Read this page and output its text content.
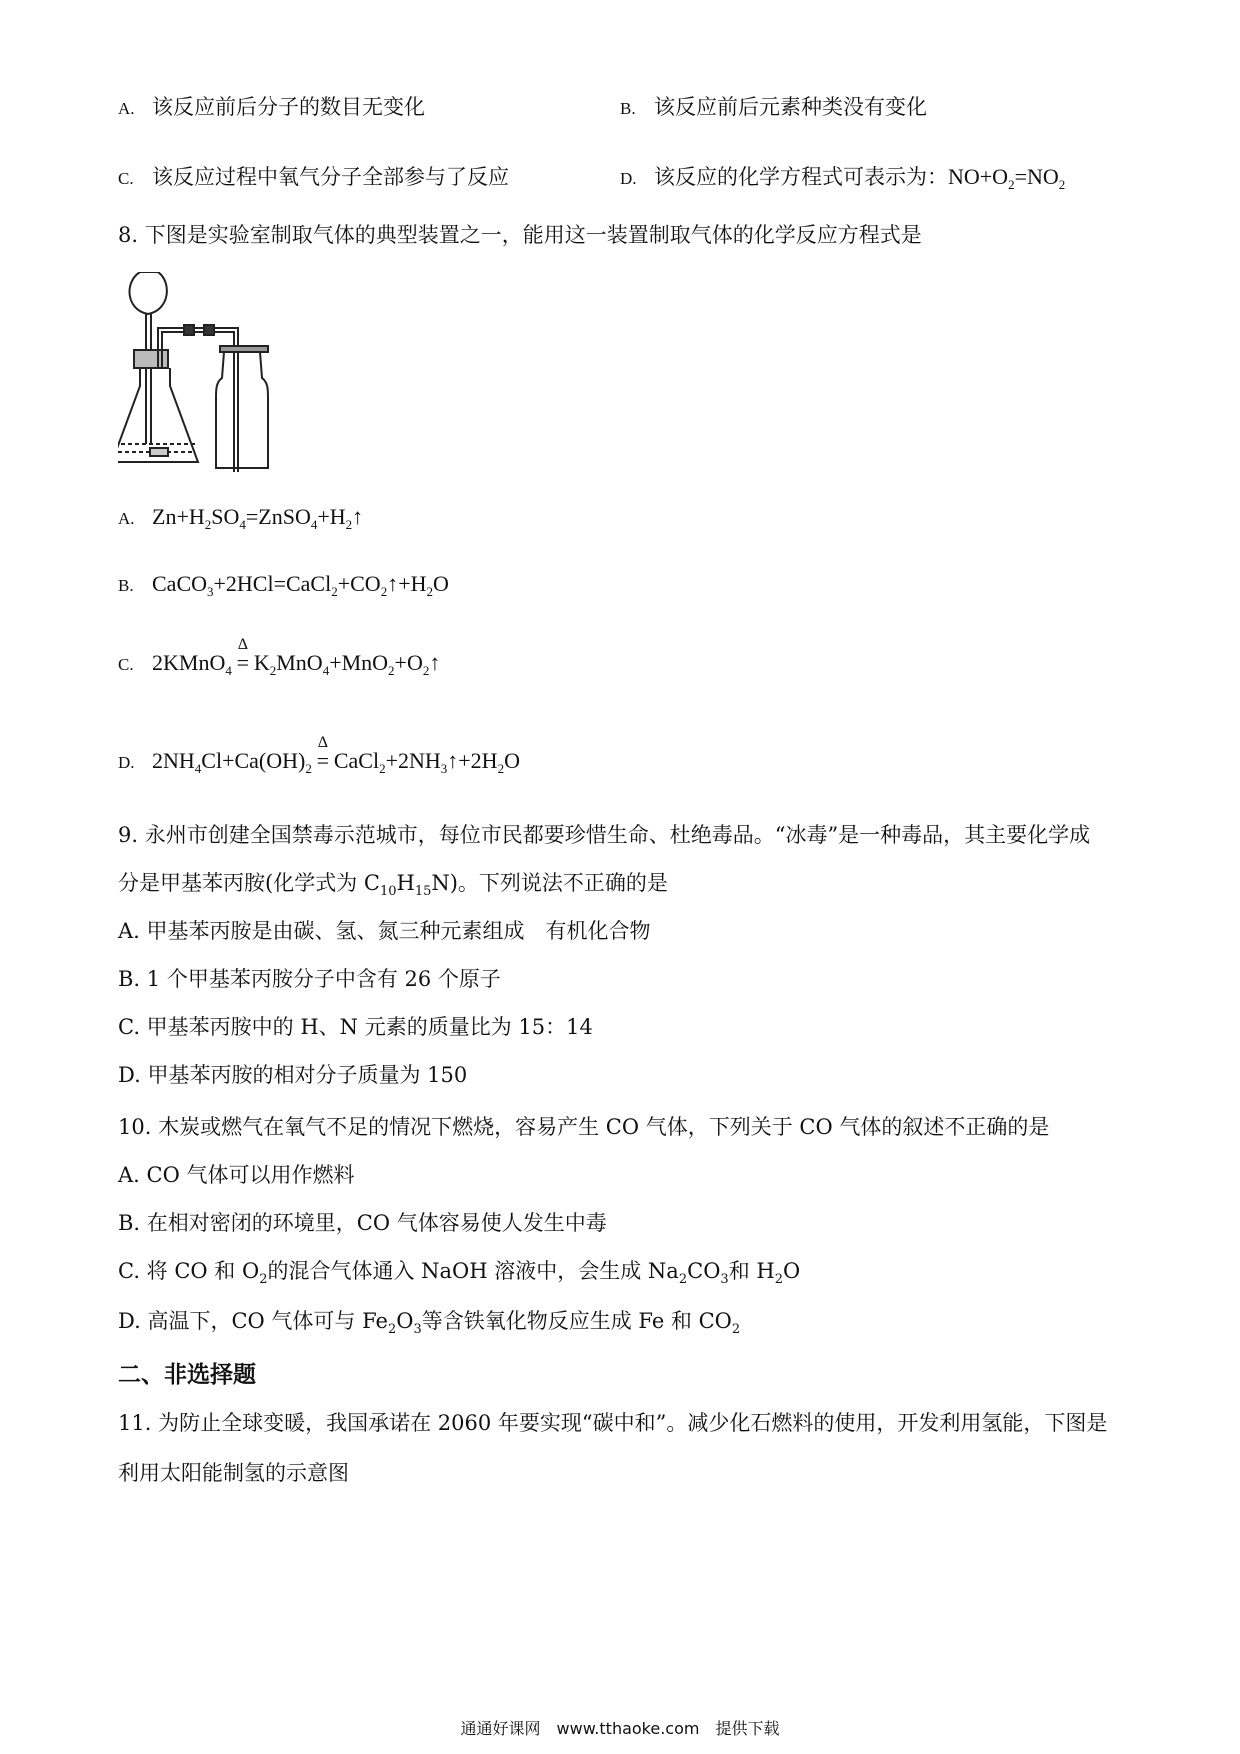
A. 该反应前后分子的数目无变化	B. 该反应前后元素种类没有变化
C. 该反应过程中氧气分子全部参与了反应	D. 该反应的化学方程式可表示为：$NO+O_2=NO_2$
8. 下图是实验室制取气体的典型装置之一，能用这一装置制取气体的化学反应方程式是
A. $Zn+H_2SO_4=ZnSO_4+H_2↑$
B. $CaCO_3+2HCl=CaCl_2+CO_2↑+H_2O$
C. 2KMnO$_4$
Δ
= $K_2MnO_4+MnO_2+O_2↑$
D. $2NH_4Cl+Ca(OH)_2$
Δ
= $CaCl_2+2NH_3↑+2H_2O$
9. 永州市创建全国禁毒示范城市，每位市民都要珍惜生命、杜绝毒品。“冰毒”是一种毒品，其主要化学成
分是甲基苯丙胺(化学式为 $C_{10}H_{15}N$)。下列说法不正确的是
A. 甲基苯丙胺是由碳、氢、氮三种元素组成　有机化合物
B. 1 个甲基苯丙胺分子中含有 26 个原子
C. 甲基苯丙胺中的 H、N 元素的质量比为 15：14
D. 甲基苯丙胺的相对分子质量为 150
10. 木炭或燃气在氧气不足的情况下燃烧，容易产生 CO 气体，下列关于 CO 气体的叙述不正确的是
A. CO 气体可以用作燃料
B. 在相对密闭的环境里，CO 气体容易使人发生中毒
C. 将 CO 和 $O_2$的混合气体通入 NaOH 溶液中，会生成 $Na_2CO_3$和 $H_2O$
D. 高温下，CO 气体可与 $Fe_2O_3$等含铁氧化物反应生成 Fe 和 $CO_2$
二、非选择题
11. 为防止全球变暖，我国承诺在 2060 年要实现“碳中和”。减少化石燃料的使用，开发利用氢能，下图是
利用太阳能制氢的示意图
通通好课网　www.tthaoke.com　提供下载
